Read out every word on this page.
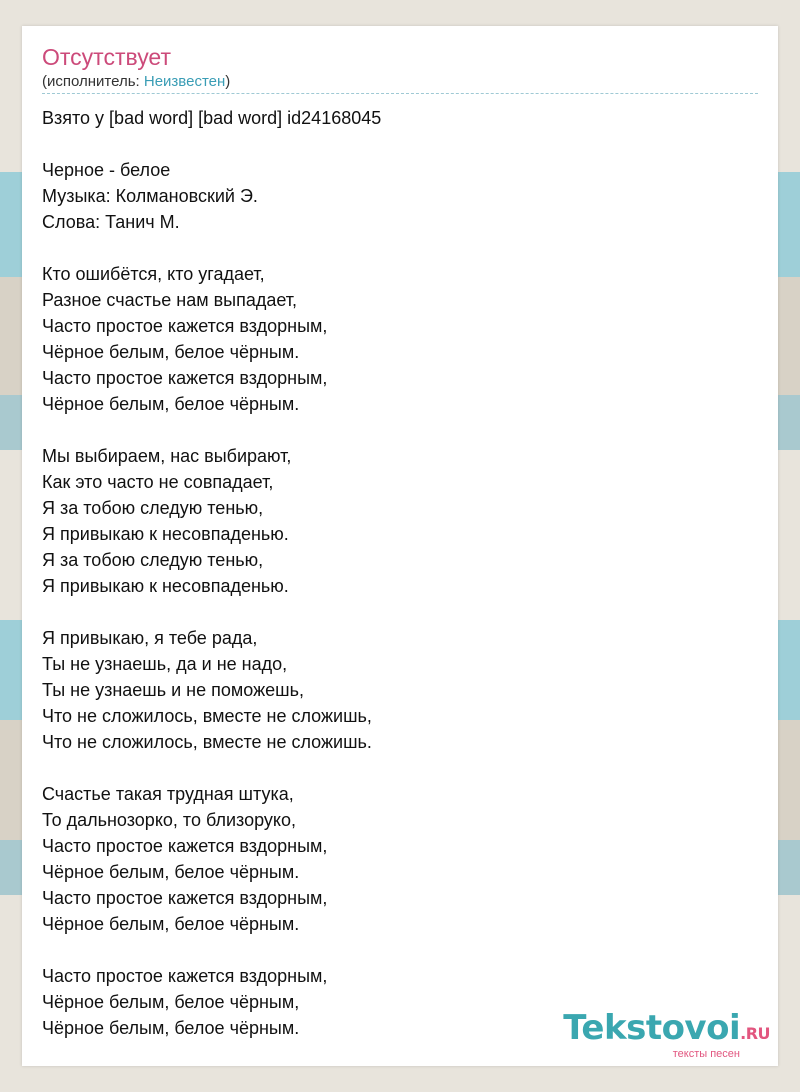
Отсутствует
(исполнитель: Неизвестен)
Взято у [bad word] [bad word] id24168045
Черное - белое
Музыка: Колмановский Э.
Слова: Танич М.
Кто ошибётся, кто угадает,
Разное счастье нам выпадает,
Часто простое кажется вздорным,
Чёрное белым, белое чёрным.
Часто простое кажется вздорным,
Чёрное белым, белое чёрным.
Мы выбираем, нас выбирают,
Как это часто не совпадает,
Я за тобою следую тенью,
Я привыкаю к несовпаденью.
Я за тобою следую тенью,
Я привыкаю к несовпаденью.
Я привыкаю, я тебе рада,
Ты не узнаешь, да и не надо,
Ты не узнаешь и не поможешь,
Что не сложилось, вместе не сложишь,
Что не сложилось, вместе не сложишь.
Счастье такая трудная штука,
То дальнозорко, то близоруко,
Часто простое кажется вздорным,
Чёрное белым, белое чёрным.
Часто простое кажется вздорным,
Чёрное белым, белое чёрным.
Часто простое кажется вздорным,
Чёрное белым, белое чёрным,
Чёрное белым, белое чёрным.	Tekstovoi.RU
тексты песен
